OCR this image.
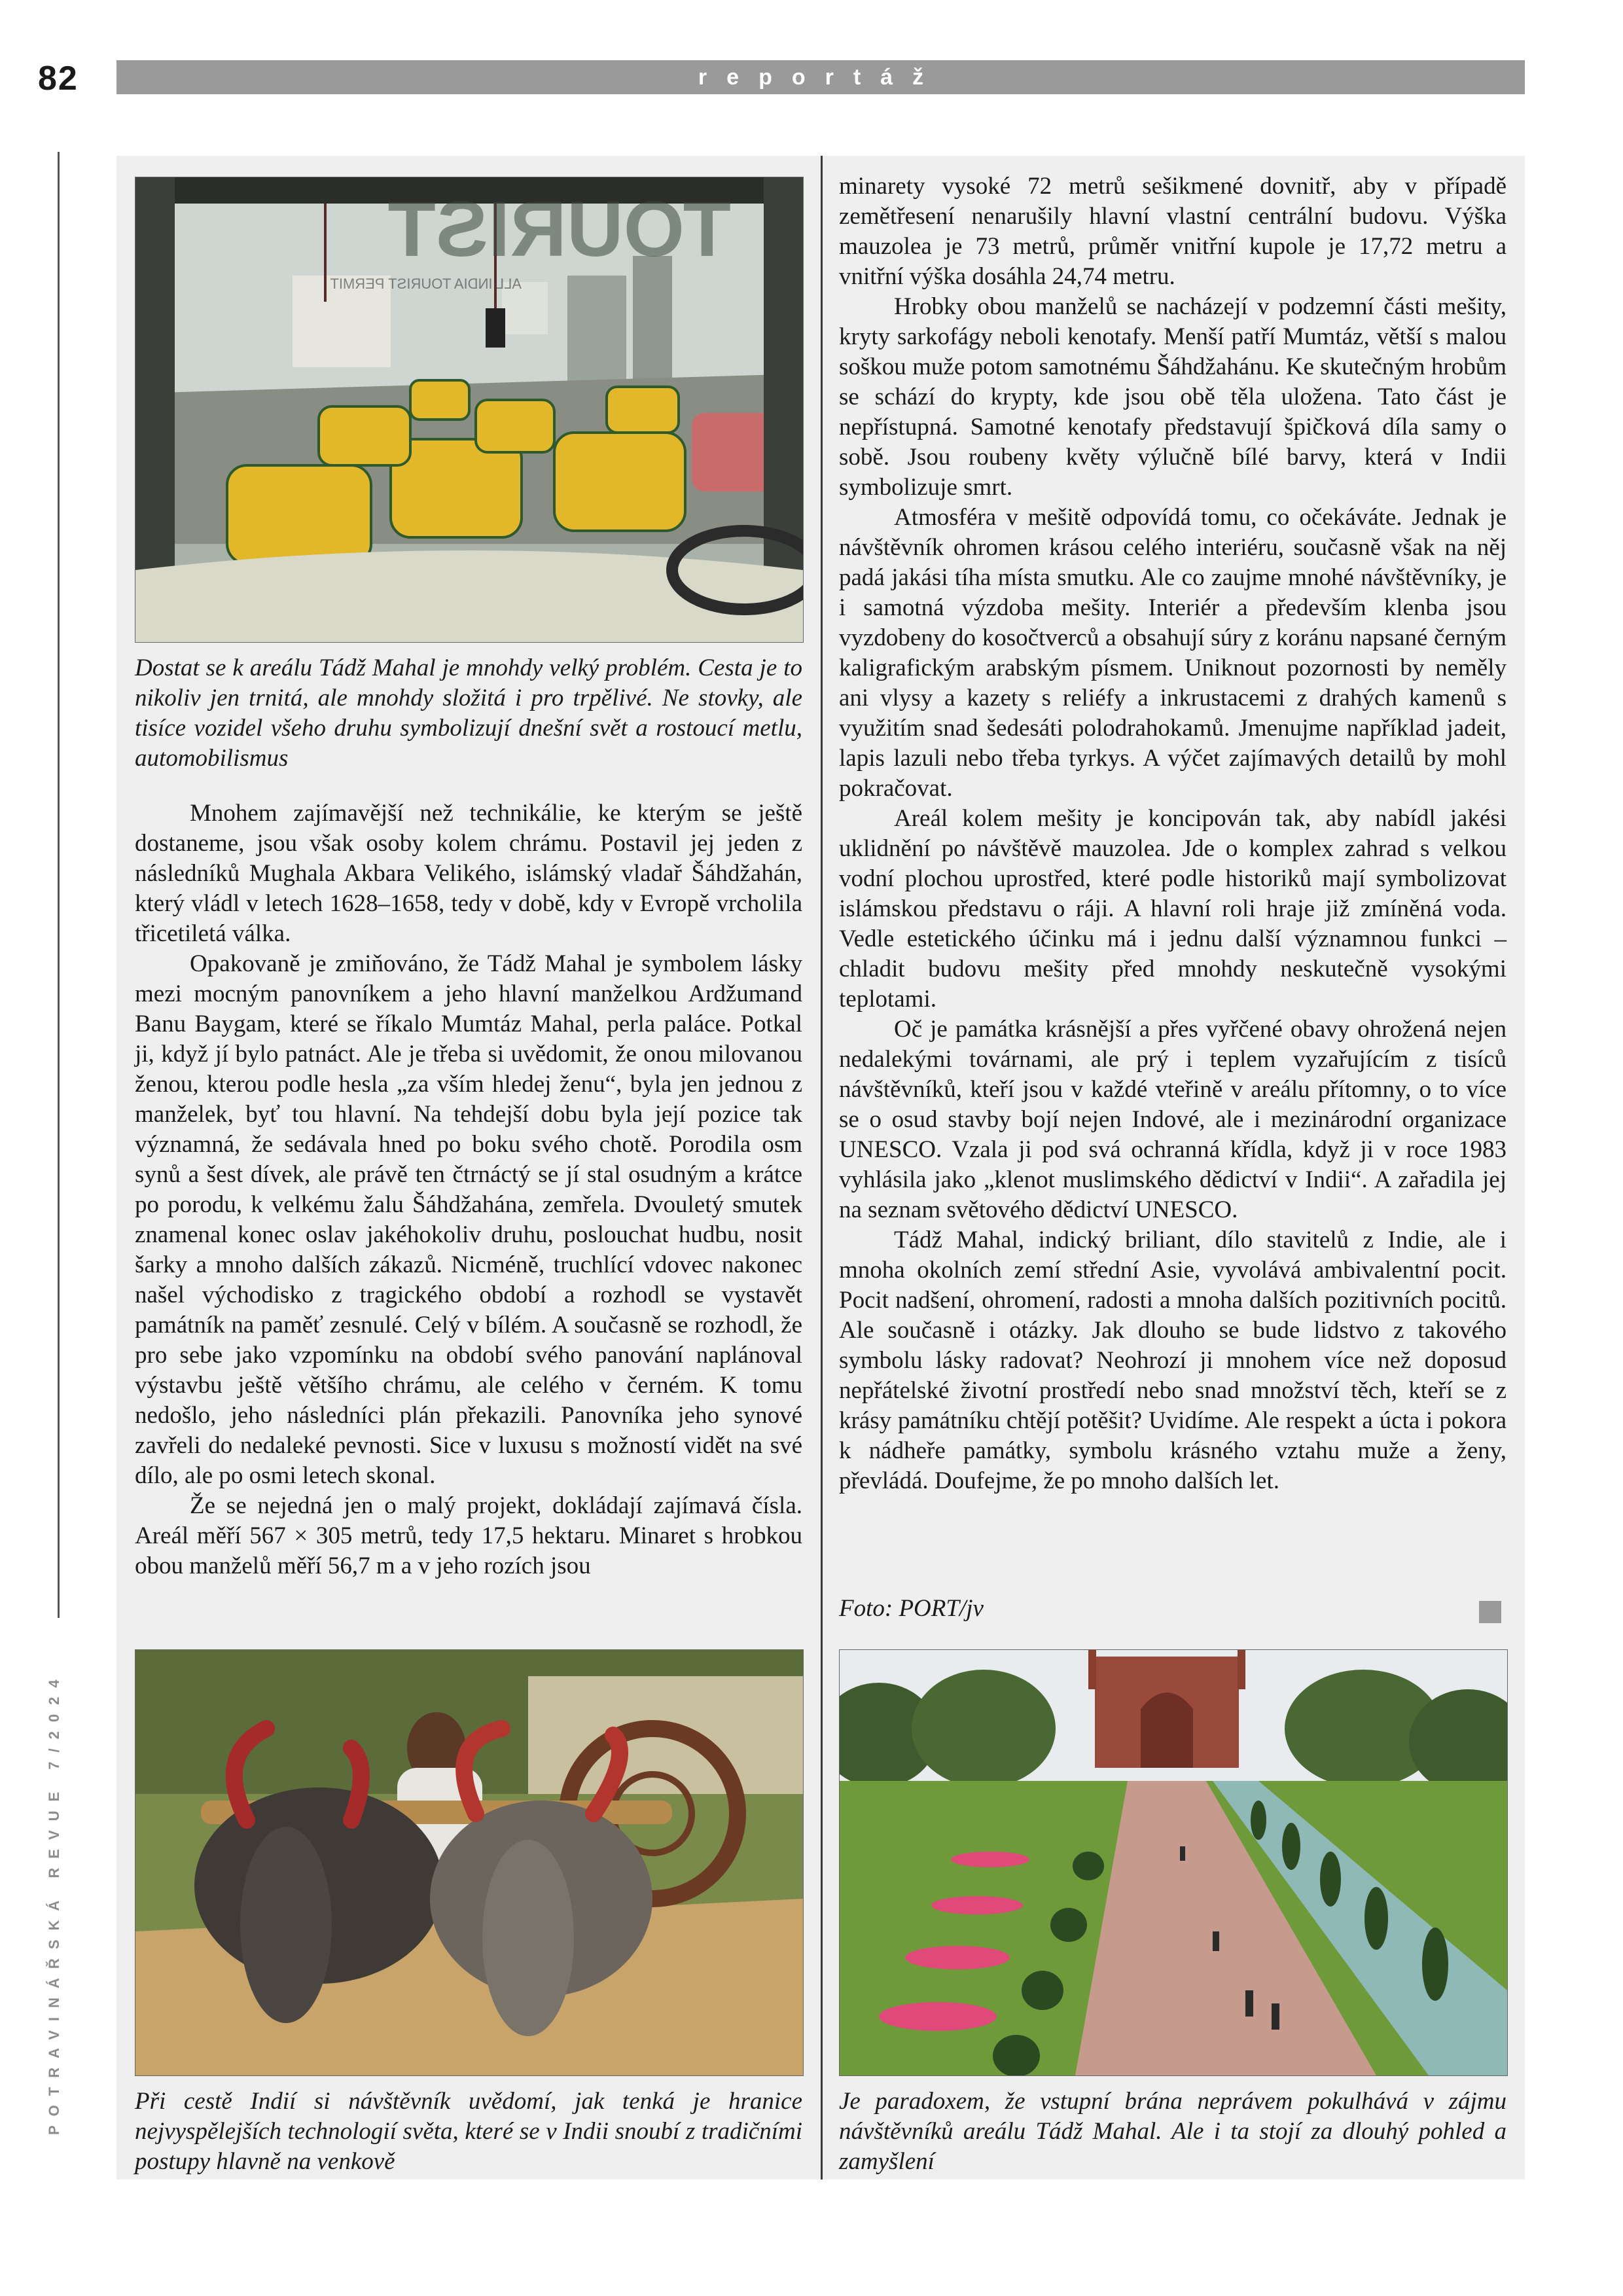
82	reportáž
POTRAVINÁŘSKÁ REVUE 7/2024
TOURIST
ALL INDIA TOURIST PERMIT
Dostat se k areálu Tádž Mahal je mnohdy velký problém. Cesta je to nikoliv jen trnitá, ale mnohdy složitá i pro trpělivé. Ne stovky, ale tisíce vozidel všeho druhu symbolizují dnešní svět a rostoucí metlu, automobilismus

Mnohem zajímavější než technikálie, ke kterým se ještě dostaneme, jsou však osoby kolem chrámu. Postavil jej jeden z následníků Mughala Akbara Velikého, islámský vladař Šáhdžahán, který vládl v letech 1628–1658, tedy v době, kdy v Evropě vrcholila třicetiletá válka.

Opakovaně je zmiňováno, že Tádž Mahal je symbolem lásky mezi mocným panovníkem a jeho hlavní manželkou Ardžumand Banu Baygam, které se říkalo Mumtáz Mahal, perla paláce. Potkal ji, když jí bylo patnáct. Ale je třeba si uvědomit, že onou milovanou ženou, kterou podle hesla „za vším hledej ženu“, byla jen jednou z manželek, byť tou hlavní. Na tehdejší dobu byla její pozice tak významná, že sedávala hned po boku svého chotě. Porodila osm synů a šest dívek, ale právě ten čtrnáctý se jí stal osudným a krátce po porodu, k velkému žalu Šáhdžahána, zemřela. Dvouletý smutek znamenal konec oslav jakéhokoliv druhu, poslouchat hudbu, nosit šarky a mnoho dalších zákazů. Nicméně, truchlící vdovec nakonec našel východisko z tragického období a rozhodl se vystavět památník na paměť zesnulé. Celý v bílém. A současně se rozhodl, že pro sebe jako vzpomínku na období svého panování naplánoval výstavbu ještě většího chrámu, ale celého v černém. K tomu nedošlo, jeho následníci plán překazili. Panovníka jeho synové zavřeli do nedaleké pevnosti. Sice v luxusu s možností vidět na své dílo, ale po osmi letech skonal.

Že se nejedná jen o malý projekt, dokládají zajímavá čísla. Areál měří 567 × 305 metrů, tedy 17,5 hektaru. Minaret s hrobkou obou manželů měří 56,7 m a v jeho rozích jsou

minarety vysoké 72 metrů sešikmené dovnitř, aby v případě zemětřesení nenarušily hlavní vlastní centrální budovu. Výška mauzolea je 73 metrů, průměr vnitřní kupole je 17,72 metru a vnitřní výška dosáhla 24,74 metru.

Hrobky obou manželů se nacházejí v podzemní části mešity, kryty sarkofágy neboli kenotafy. Menší patří Mumtáz, větší s malou soškou muže potom samotnému Šáhdžahánu. Ke skutečným hrobům se schází do krypty, kde jsou obě těla uložena. Tato část je nepřístupná. Samotné kenotafy představují špičková díla samy o sobě. Jsou roubeny květy výlučně bílé barvy, která v Indii symbolizuje smrt.

Atmosféra v mešitě odpovídá tomu, co očekáváte. Jednak je návštěvník ohromen krásou celého interiéru, současně však na něj padá jakási tíha místa smutku. Ale co zaujme mnohé návštěvníky, je i samotná výzdoba mešity. Interiér a především klenba jsou vyzdobeny do kosočtverců a obsahují súry z koránu napsané černým kaligrafickým arabským písmem. Uniknout pozornosti by neměly ani vlysy a kazety s reliéfy a inkrustacemi z drahých kamenů s využitím snad šedesáti polodrahokamů. Jmenujme například jadeit, lapis lazuli nebo třeba tyrkys. A výčet zajímavých detailů by mohl pokračovat.

Areál kolem mešity je koncipován tak, aby nabídl jakési uklidnění po návštěvě mauzolea. Jde o komplex zahrad s velkou vodní plochou uprostřed, které podle historiků mají symbolizovat islámskou představu o ráji. A hlavní roli hraje již zmíněná voda. Vedle estetického účinku má i jednu další významnou funkci – chladit budovu mešity před mnohdy neskutečně vysokými teplotami.

Oč je památka krásnější a přes vyřčené obavy ohrožená nejen nedalekými továrnami, ale prý i teplem vyzařujícím z tisíců návštěvníků, kteří jsou v každé vteřině v areálu přítomny, o to více se o osud stavby bojí nejen Indové, ale i mezinárodní organizace UNESCO. Vzala ji pod svá ochranná křídla, když ji v roce 1983 vyhlásila jako „klenot muslimského dědictví v Indii“. A zařadila jej na seznam světového dědictví UNESCO.

Tádž Mahal, indický briliant, dílo stavitelů z Indie, ale i mnoha okolních zemí střední Asie, vyvolává ambivalentní pocit. Pocit nadšení, ohromení, radosti a mnoha dalších pozitivních pocitů. Ale současně i otázky. Jak dlouho se bude lidstvo z takového symbolu lásky radovat? Neohrozí ji mnohem více než doposud nepřátelské životní prostředí nebo snad množství těch, kteří se z krásy památníku chtějí potěšit? Uvidíme. Ale respekt a úcta i pokora k nádheře památky, symbolu krásného vztahu muže a ženy, převládá. Doufejme, že po mnoho dalších let.

Foto: PORT/jv
Při cestě Indií si návštěvník uvědomí, jak tenká je hranice nejvyspělejších technologií světa, které se v Indii snoubí z tradičními postupy hlavně na venkově
Je paradoxem, že vstupní brána neprávem pokulhává v zájmu návštěvníků areálu Tádž Mahal. Ale i ta stojí za dlouhý pohled a zamyšlení
